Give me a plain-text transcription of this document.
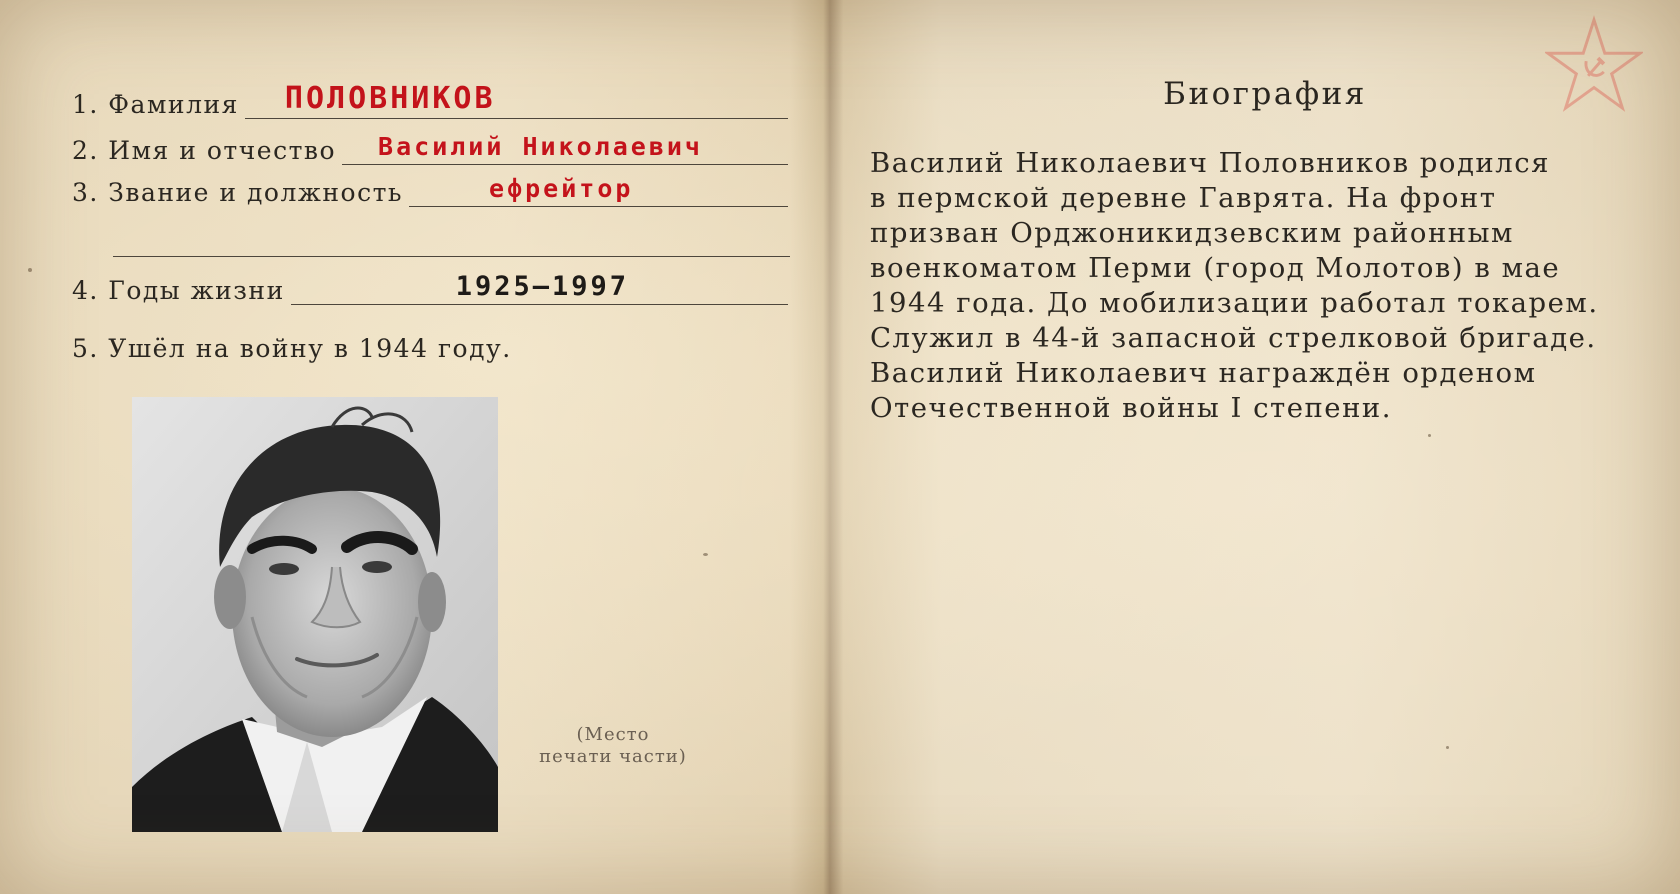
1. Фамилия ПОЛОВНИКОВ
2. Имя и отчество Василий Николаевич
3. Звание и должность	ефрейтор
4. Годы жизни	1925—1997
5. Ушёл на войну в 1944 году.
(Место
печати части)
Биография

Василий Николаевич Половников родился
в пермской деревне Гаврята. На фронт
призван Орджоникидзевским районным
военкоматом Перми (город Молотов) в мае
1944 года. До мобилизации работал токарем.
Служил в 44-й запасной стрелковой бригаде.
Василий Николаевич награждён орденом
Отечественной войны I степени.
